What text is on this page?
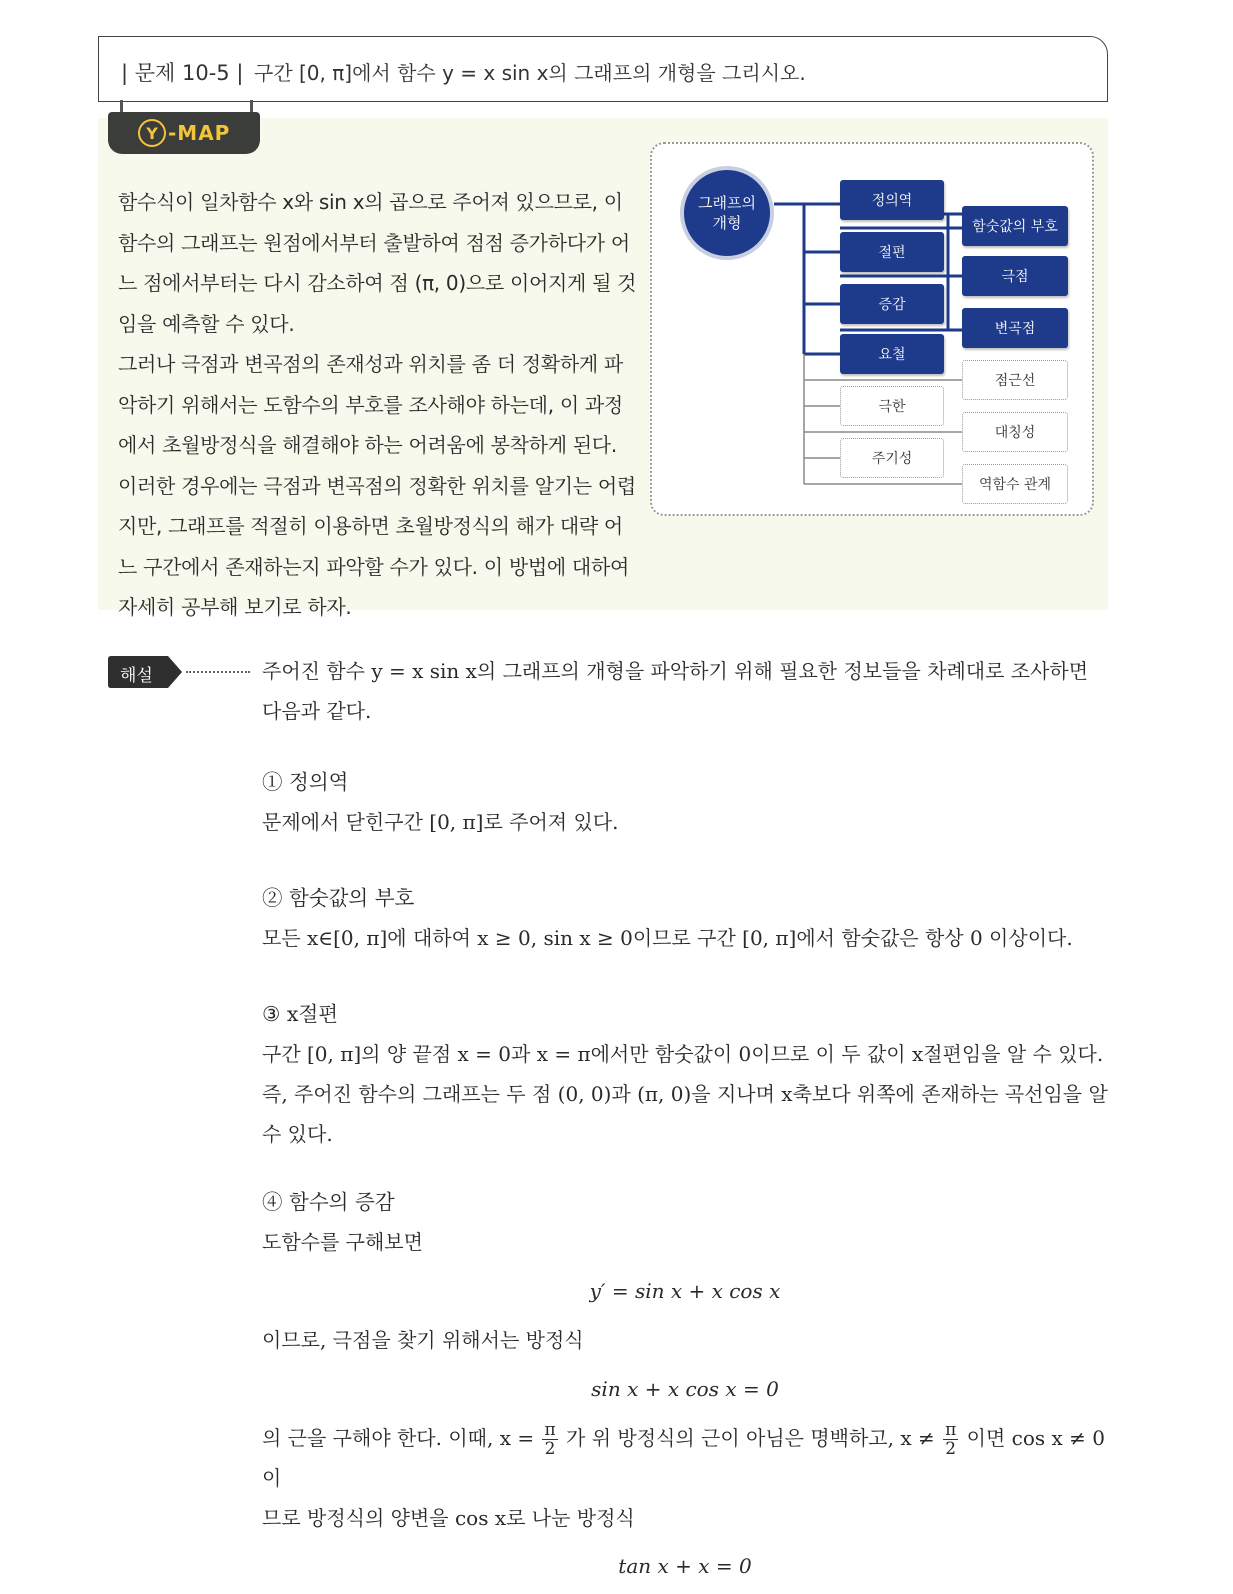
| 문제 10-5 | 구간 [0, π]에서 함수 y = x sin x의 그래프의 개형을 그리시오.
Y -MAP

함수식이 일차함수 x와 sin x의 곱으로 주어져 있으므로, 이 함수의 그래프는 원점에서부터 출발하여 점점 증가하다가 어느 점에서부터는 다시 감소하여 점 (π, 0)으로 이어지게 될 것임을 예측할 수 있다.

그러나 극점과 변곡점의 존재성과 위치를 좀 더 정확하게 파악하기 위해서는 도함수의 부호를 조사해야 하는데, 이 과정에서 초월방정식을 해결해야 하는 어려움에 봉착하게 된다. 이러한 경우에는 극점과 변곡점의 정확한 위치를 알기는 어렵지만, 그래프를 적절히 이용하면 초월방정식의 해가 대략 어느 구간에서 존재하는지 파악할 수가 있다. 이 방법에 대하여 자세히 공부해 보기로 하자.

그래프의
개형
정의역
절편
증감
요철
극한
주기성
함숫값의 부호
극점
변곡점
점근선
대칭성
역함수 관계
해설	주어진 함수 y = x sin x의 그래프의 개형을 파악하기 위해 필요한 정보들을 차례대로 조사하면 다음과 같다.

① 정의역

문제에서 닫힌구간 [0, π]로 주어져 있다.

② 함숫값의 부호

모든 x∈[0, π]에 대하여 x ≥ 0, sin x ≥ 0이므로 구간 [0, π]에서 함숫값은 항상 0 이상이다.

③ x절편

구간 [0, π]의 양 끝점 x = 0과 x = π에서만 함숫값이 0이므로 이 두 값이 x절편임을 알 수 있다. 즉, 주어진 함수의 그래프는 두 점 (0, 0)과 (π, 0)을 지나며 x축보다 위쪽에 존재하는 곡선임을 알 수 있다.

④ 함수의 증감

도함수를 구해보면

y′ = sin x + x cos x

이므로, 극점을 찾기 위해서는 방정식

sin x + x cos x = 0

의 근을 구해야 한다. 이때, $x = \frac{\pi}{2}$ 가 위 방정식의 근이 아님은 명백하고, $x \ne \frac{\pi}{2}$ 이면 cos x ≠ 0이

므로 방정식의 양변을 cos x로 나눈 방정식

tan x + x = 0
